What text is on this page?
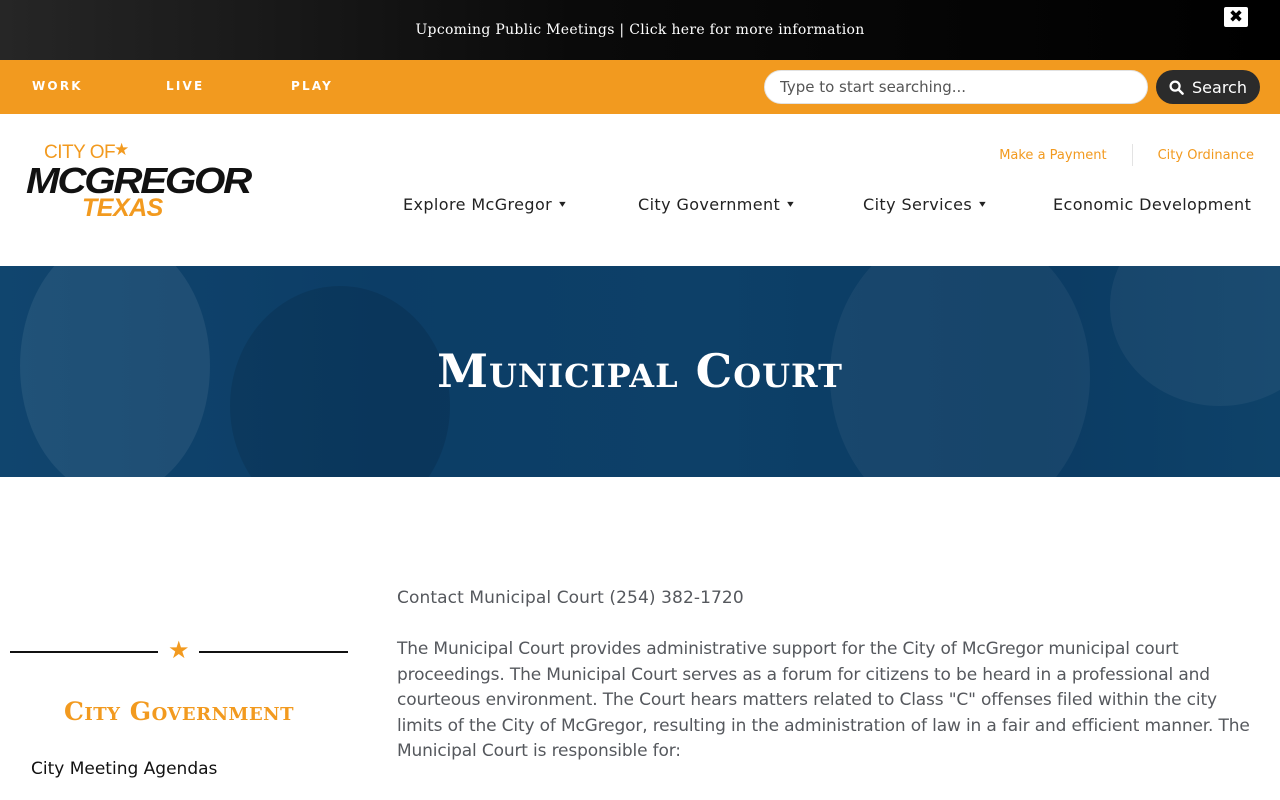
Upcoming Public Meetings | Click here for more information
✖
WORK	LIVE	PLAY
Type to start searching...	Search
CITY OF
★
MCGREGOR
TEXAS
Make a Payment	City Ordinance
Explore McGregor ▾	City Government ▾	City Services ▾	Economic Development
Municipal Court
★
City Government
City Meeting Agendas

Contact Municipal Court (254) 382-1720

The Municipal Court provides administrative support for the City of McGregor municipal court proceedings. The Municipal Court serves as a forum for citizens to be heard in a professional and courteous environment. The Court hears matters related to Class "C" offenses filed within the city limits of the City of McGregor, resulting in the administration of law in a fair and efficient manner. The Municipal Court is responsible for:
